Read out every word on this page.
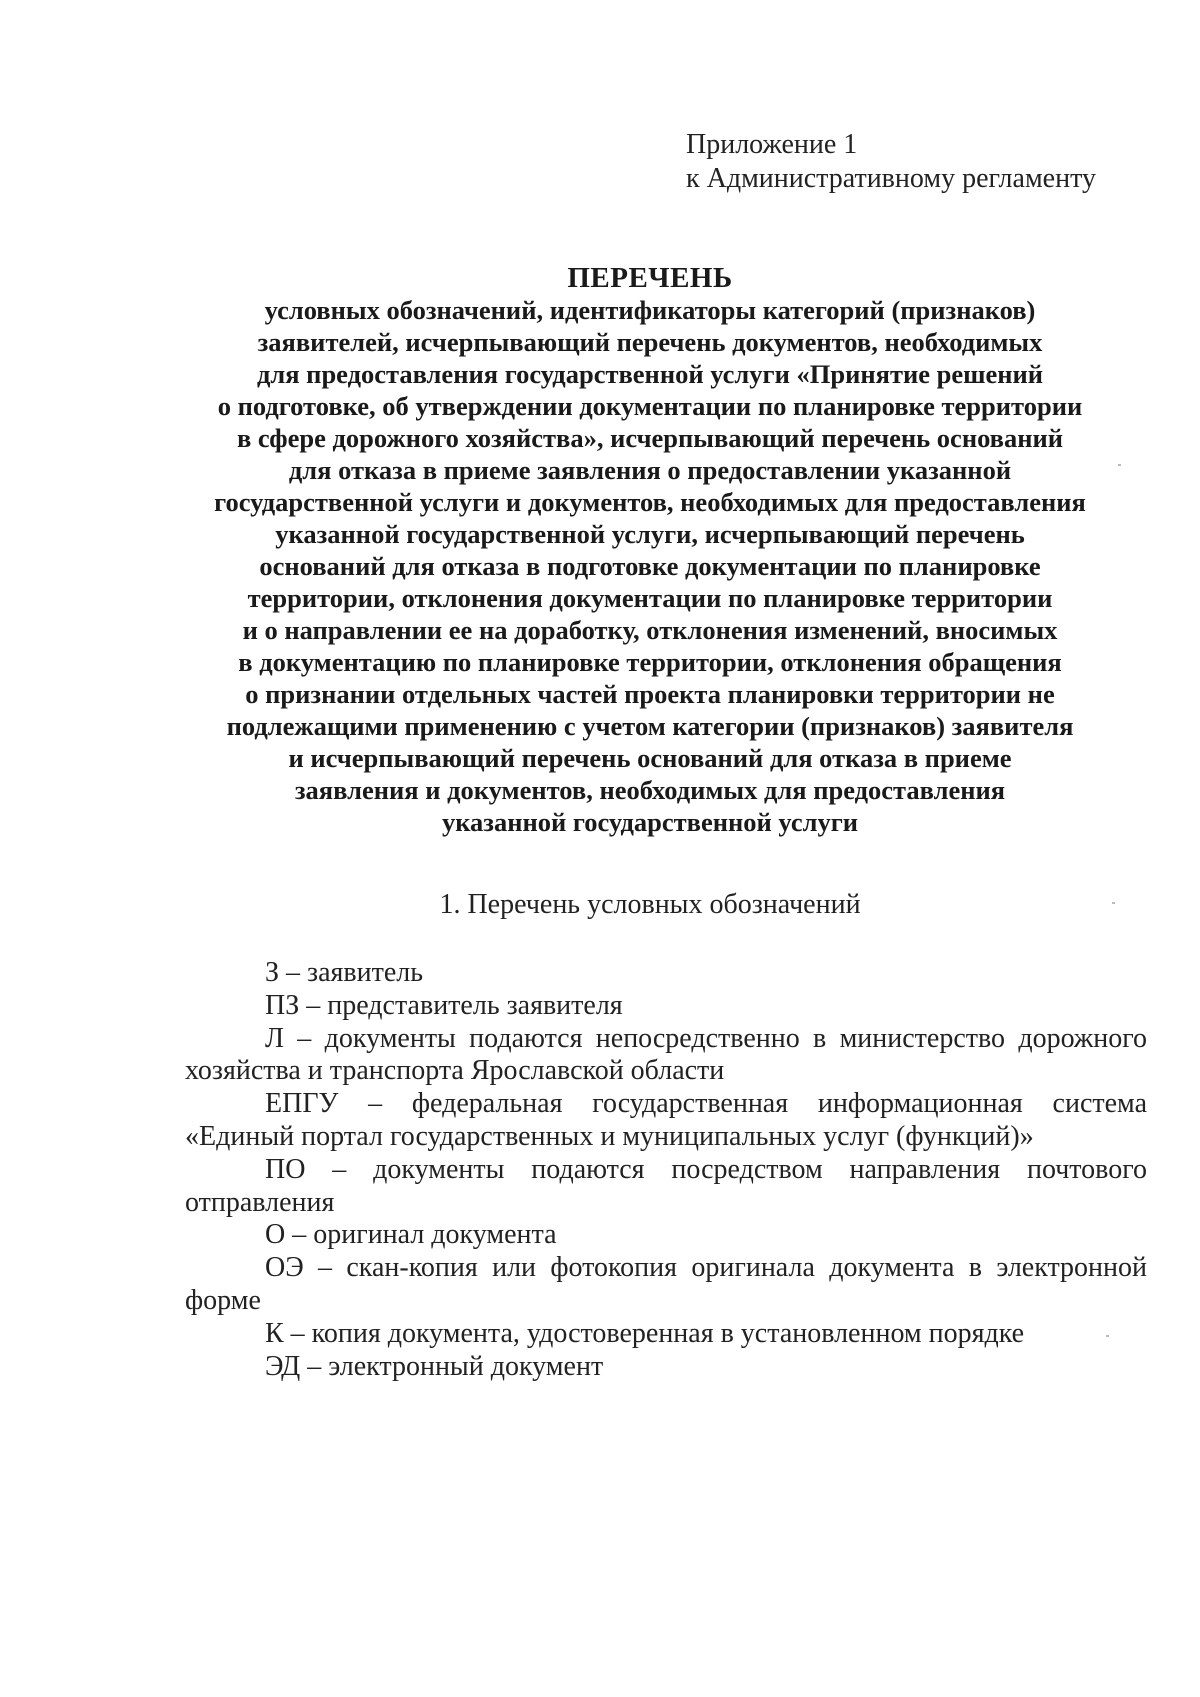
Приложение 1
к Административному регламенту
ПЕРЕЧЕНЬ
условных обозначений, идентификаторы категорий (признаков)
заявителей, исчерпывающий перечень документов, необходимых
для предоставления государственной услуги «Принятие решений
о подготовке, об утверждении документации по планировке территории
в сфере дорожного хозяйства», исчерпывающий перечень оснований
для отказа в приеме заявления о предоставлении указанной
государственной услуги и документов, необходимых для предоставления
указанной государственной услуги, исчерпывающий перечень
оснований для отказа в подготовке документации по планировке
территории, отклонения документации по планировке территории
и о направлении ее на доработку, отклонения изменений, вносимых
в документацию по планировке территории, отклонения обращения
о признании отдельных частей проекта планировки территории не
подлежащими применению с учетом категории (признаков) заявителя
и исчерпывающий перечень оснований для отказа в приеме
заявления и документов, необходимых для предоставления
указанной государственной услуги
1. Перечень условных обозначений

З – заявитель

ПЗ – представитель заявителя

Л – документы подаются непосредственно в министерство дорожного хозяйства и транспорта Ярославской области

ЕПГУ – федеральная государственная информационная система «Единый портал государственных и муниципальных услуг (функций)»

ПО – документы подаются посредством направления почтового отправления

О – оригинал документа

ОЭ – скан-копия или фотокопия оригинала документа в электронной форме

К – копия документа, удостоверенная в установленном порядке

ЭД – электронный документ
